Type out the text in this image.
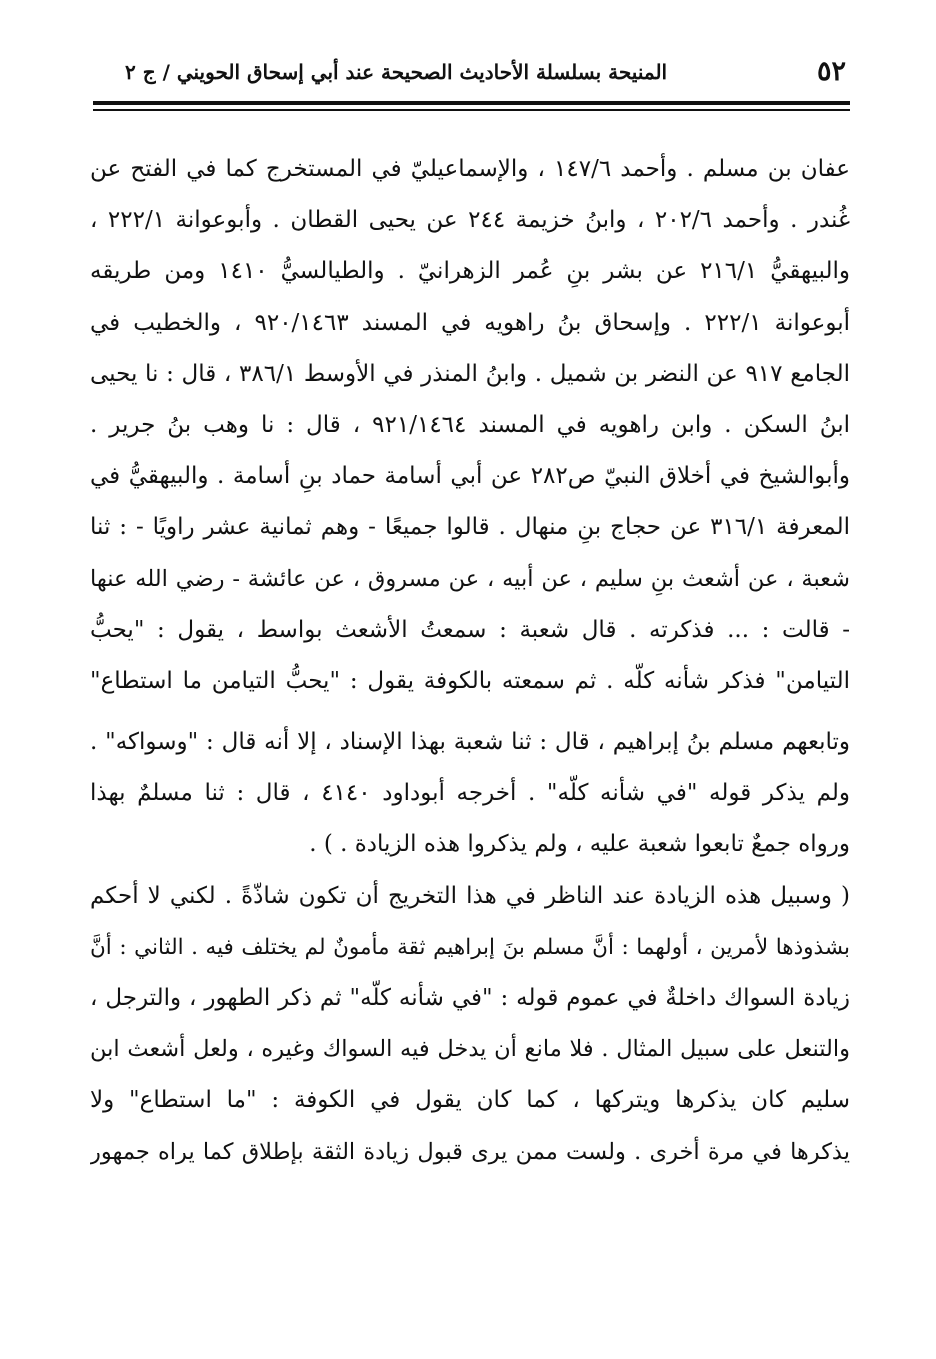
٥٢
المنيحة بسلسلة الأحاديث الصحيحة عند أبي إسحاق الحويني / ج ٢
عفان بن مسلم . وأحمد ١٤٧/٦ ، والإسماعيليّ في المستخرج كما في الفتح عن
غُندر . وأحمد ٢٠٢/٦ ، وابنُ خزيمة ٢٤٤ عن يحيى القطان . وأبوعوانة ٢٢٢/١ ،
والبيهقيُّ ٢١٦/١ عن بشر بنِ عُمر الزهرانيّ . والطيالسيُّ ١٤١٠ ومن طريقه
أبوعوانة ٢٢٢/١ . وإسحاق بنُ راهويه في المسند ٩٢٠/١٤٦٣ ، والخطيب في
الجامع ٩١٧ عن النضر بن شميل . وابنُ المنذر في الأوسط ٣٨٦/١ ، قال : نا يحيى
ابنُ السكن . وابن راهويه في المسند ٩٢١/١٤٦٤ ، قال : نا وهب بنُ جرير .
وأبوالشيخ في أخلاق النبيّ ص٢٨٢ عن أبي أسامة حماد بنِ أسامة . والبيهقيُّ في
المعرفة ٣١٦/١ عن حجاج بنِ منهال . قالوا جميعًا - وهم ثمانية عشر راويًا - : ثنا
شعبة ، عن أشعث بنِ سليم ، عن أبيه ، عن مسروق ، عن عائشة - رضي الله عنها
- قالت : ... فذكرته . قال شعبة : سمعتُ الأشعث بواسط ، يقول : "يحبُّ
التيامن" فذكر شأنه كلّه . ثم سمعته بالكوفة يقول : "يحبُّ التيامن ما استطاع"
وتابعهم مسلم بنُ إبراهيم ، قال : ثنا شعبة بهذا الإسناد ، إلا أنه قال : "وسواكه" .
ولم يذكر قوله "في شأنه كلّه" . أخرجه أبوداود ٤١٤٠ ، قال : ثنا مسلمٌ بهذا
ورواه جمعٌ تابعوا شعبة عليه ، ولم يذكروا هذه الزيادة . ) .
( وسبيل هذه الزيادة عند الناظر في هذا التخريج أن تكون شاذّةً . لكني لا أحكم
بشذوذها لأمرين ، أولهما : أنَّ مسلم بنَ إبراهيم ثقة مأمونٌ لم يختلف فيه . الثاني : أنَّ
زيادة السواك داخلةٌ في عموم قوله : "في شأنه كلّه" ثم ذكر الطهور ، والترجل ،
والتنعل على سبيل المثال . فلا مانع أن يدخل فيه السواك وغيره ، ولعل أشعث ابن
سليم كان يذكرها ويتركها ، كما كان يقول في الكوفة : "ما استطاع" ولا
يذكرها في مرة أخرى . ولست ممن يرى قبول زيادة الثقة بإطلاق كما يراه جمهور
